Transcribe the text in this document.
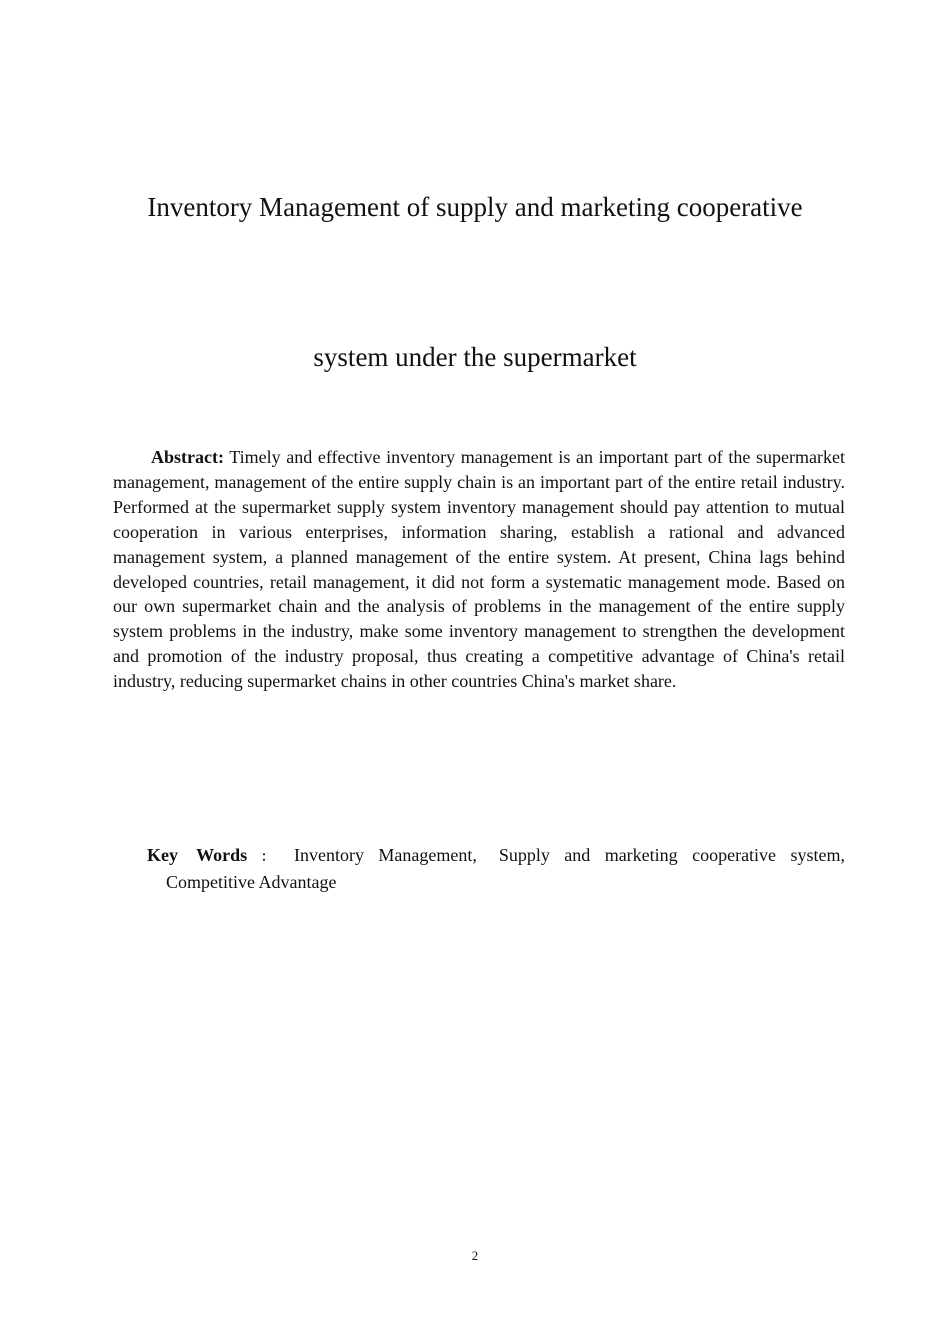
Inventory Management of supply and marketing cooperative
system under the supermarket

Abstract: Timely and effective inventory management is an important part of the supermarket management, management of the entire supply chain is an important part of the entire retail industry. Performed at the supermarket supply system inventory management should pay attention to mutual cooperation in various enterprises, information sharing, establish a rational and advanced management system, a planned management of the entire system. At present, China lags behind developed countries, retail management, it did not form a systematic management mode. Based on our own supermarket chain and the analysis of problems in the management of the entire supply system problems in the industry, make some inventory management to strengthen the development and promotion of the industry proposal, thus creating a competitive advantage of China's retail industry, reducing supermarket chains in other countries China's market share.

Key Words ： Inventory Management, Supply and marketing cooperative system, Competitive Advantage

2
